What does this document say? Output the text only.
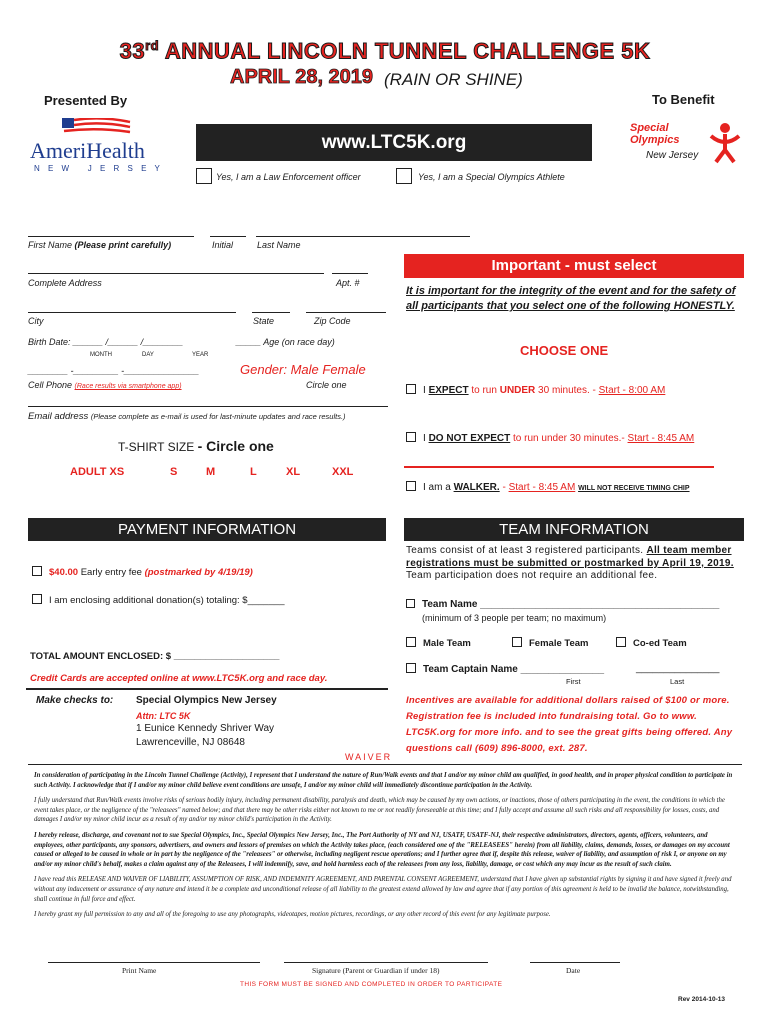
33rd ANNUAL LINCOLN TUNNEL CHALLENGE 5K
APRIL 28, 2019 (RAIN OR SHINE)
Presented By	To Benefit
AmeriHealth
N E W   J E R S E Y
www.LTC5K.org
Special
Olympics
New Jersey
Yes, I am a Law Enforcement officer	Yes, I am a Special Olympics Athlete
First Name (Please print carefully)	Initial	Last Name
Complete Address	Apt. #
City	State	Zip Code
Birth Date: ______ /______ /________
MONTH	DAY	YEAR
_____ Age (on race day)
________ -_________ -_______________
Cell Phone (Race results via smartphone app)
Gender: Male Female
Circle one
Email address (Please complete as e-mail is used for last-minute updates and race results.)
T-SHIRT SIZE - Circle one
ADULT XS	S	M	L	XL	XXL
Important - must select
It is important for the integrity of the event and for the safety of all participants that you select one of the following HONESTLY.
CHOOSE ONE
I EXPECT to run UNDER 30 minutes. - Start - 8:00 AM
I DO NOT EXPECT to run under 30 minutes.- Start - 8:45 AM
I am a WALKER. - Start - 8:45 AM WILL NOT RECEIVE TIMING CHIP
PAYMENT INFORMATION
$40.00 Early entry fee (postmarked by 4/19/19)
I am enclosing additional donation(s) totaling: $_______
TOTAL AMOUNT ENCLOSED: $ ____________________
Credit Cards are accepted online at www.LTC5K.org and race day.
Make checks to: Special Olympics New Jersey
Attn: LTC 5K
1 Eunice Kennedy Shriver Way
Lawrenceville, NJ 08648
TEAM INFORMATION
Teams consist of at least 3 registered participants. All team member registrations must be submitted or postmarked by April 19, 2019. Team participation does not require an additional fee.
Team Name ___________________________________________
(minimum of 3 people per team; no maximum)
Male Team	Female Team	Co-ed Team
Team Captain Name _______________	_______________
First	Last
Incentives are available for additional dollars raised of $100 or more. Registration fee is included into fundraising total. Go to www. LTC5K.org for more info. and to see the great gifts being offered. Any questions call (609) 896-8000, ext. 287.
WAIVER

In consideration of participating in the Lincoln Tunnel Challenge (Activity), I represent that I understand the nature of Run/Walk events and that I and/or my minor child am qualified, in good health, and in proper physical condition to participate in such Activity. I acknowledge that if I and/or my minor child believe event conditions are unsafe, I and/or my minor child will immediately discontinue participation in the Activity.

I fully understand that Run/Walk events involve risks of serious bodily injury, including permanent disability, paralysis and death, which may be caused by my own actions, or inactions, those of others participating in the event, the conditions in which the event takes place, or the negligence of the "releasees" named below; and that there may be other risks either not known to me or not readily foreseeable at this time; and I fully accept and assume all such risks and all responsibility for losses, costs, and damages I and/or my minor child incur as a result of my and/or my minor child's participation in the Activity.

I hereby release, discharge, and covenant not to sue Special Olympics, Inc., Special Olympics New Jersey, Inc., The Port Authority of NY and NJ, USATF, USATF-NJ, their respective administrators, directors, agents, officers, volunteers, and employees, other participants, any sponsors, advertisers, and owners and lessors of premises on which the Activity takes place, (each considered one of the "RELEASEES" herein) from all liability, claims, demands, losses, or damages on my account caused or alleged to be caused in whole or in part by the negligence of the "releasees" or otherwise, including negligent rescue operations; and I further agree that if, despite this release, waiver of liability, and assumption of risk I, or anyone on my and/or my minor child's behalf, makes a claim against any of the Releasees, I will indemnify, save, and hold harmless each of the releasees from any loss, liability, damage, or cost which any may incur as the result of such claim.

I have read this RELEASE AND WAIVER OF LIABILITY, ASSUMPTION OF RISK, AND INDEMNITY AGREEMENT, AND PARENTAL CONSENT AGREEMENT, understand that I have given up substantial rights by signing it and have signed it freely and without any inducement or assurance of any nature and intend it be a complete and unconditional release of all liability to the greatest extend allowed by law and agree that if any portion of this agreement is held to be invalid the balance, notwithstanding, shall continue in full force and effect.

I hereby grant my full permission to any and all of the foregoing to use any photographs, videotapes, motion pictures, recordings, or any other record of this event for any legitimate purpose.

Print Name	Signature (Parent or Guardian if under 18)	Date
THIS FORM MUST BE SIGNED AND COMPLETED IN ORDER TO PARTICIPATE
Rev 2014-10-13
